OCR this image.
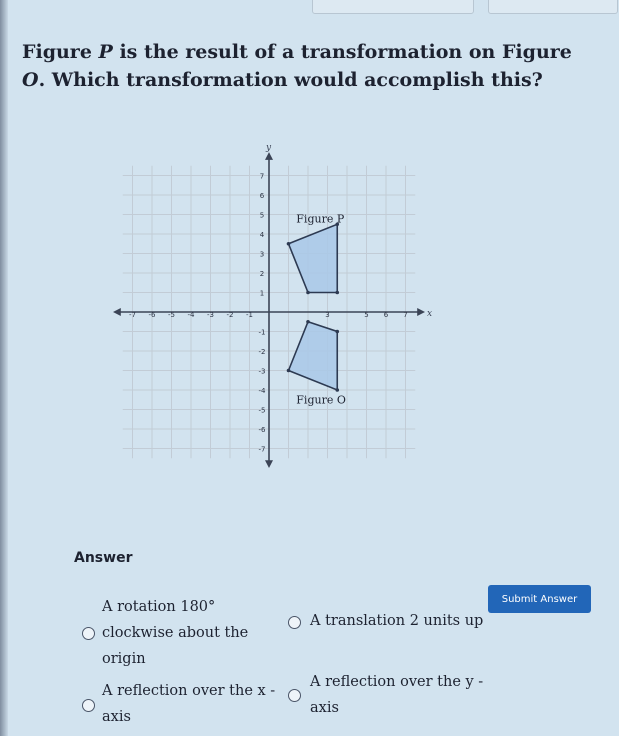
Figure P is the result of a transformation on Figure O. Which transformation would accomplish this?
x
y
-7 -6 -5 -4 -3 -2 -1	3	5 6 7
7
6
5
4
3
2
1
-1
-2
-3
-4
-5
-6
-7
Figure P
Figure O
Answer
Submit Answer
A rotation 180°
clockwise about the
origin
A translation 2 units up
A reflection over the x -
axis
A reflection over the y -
axis
